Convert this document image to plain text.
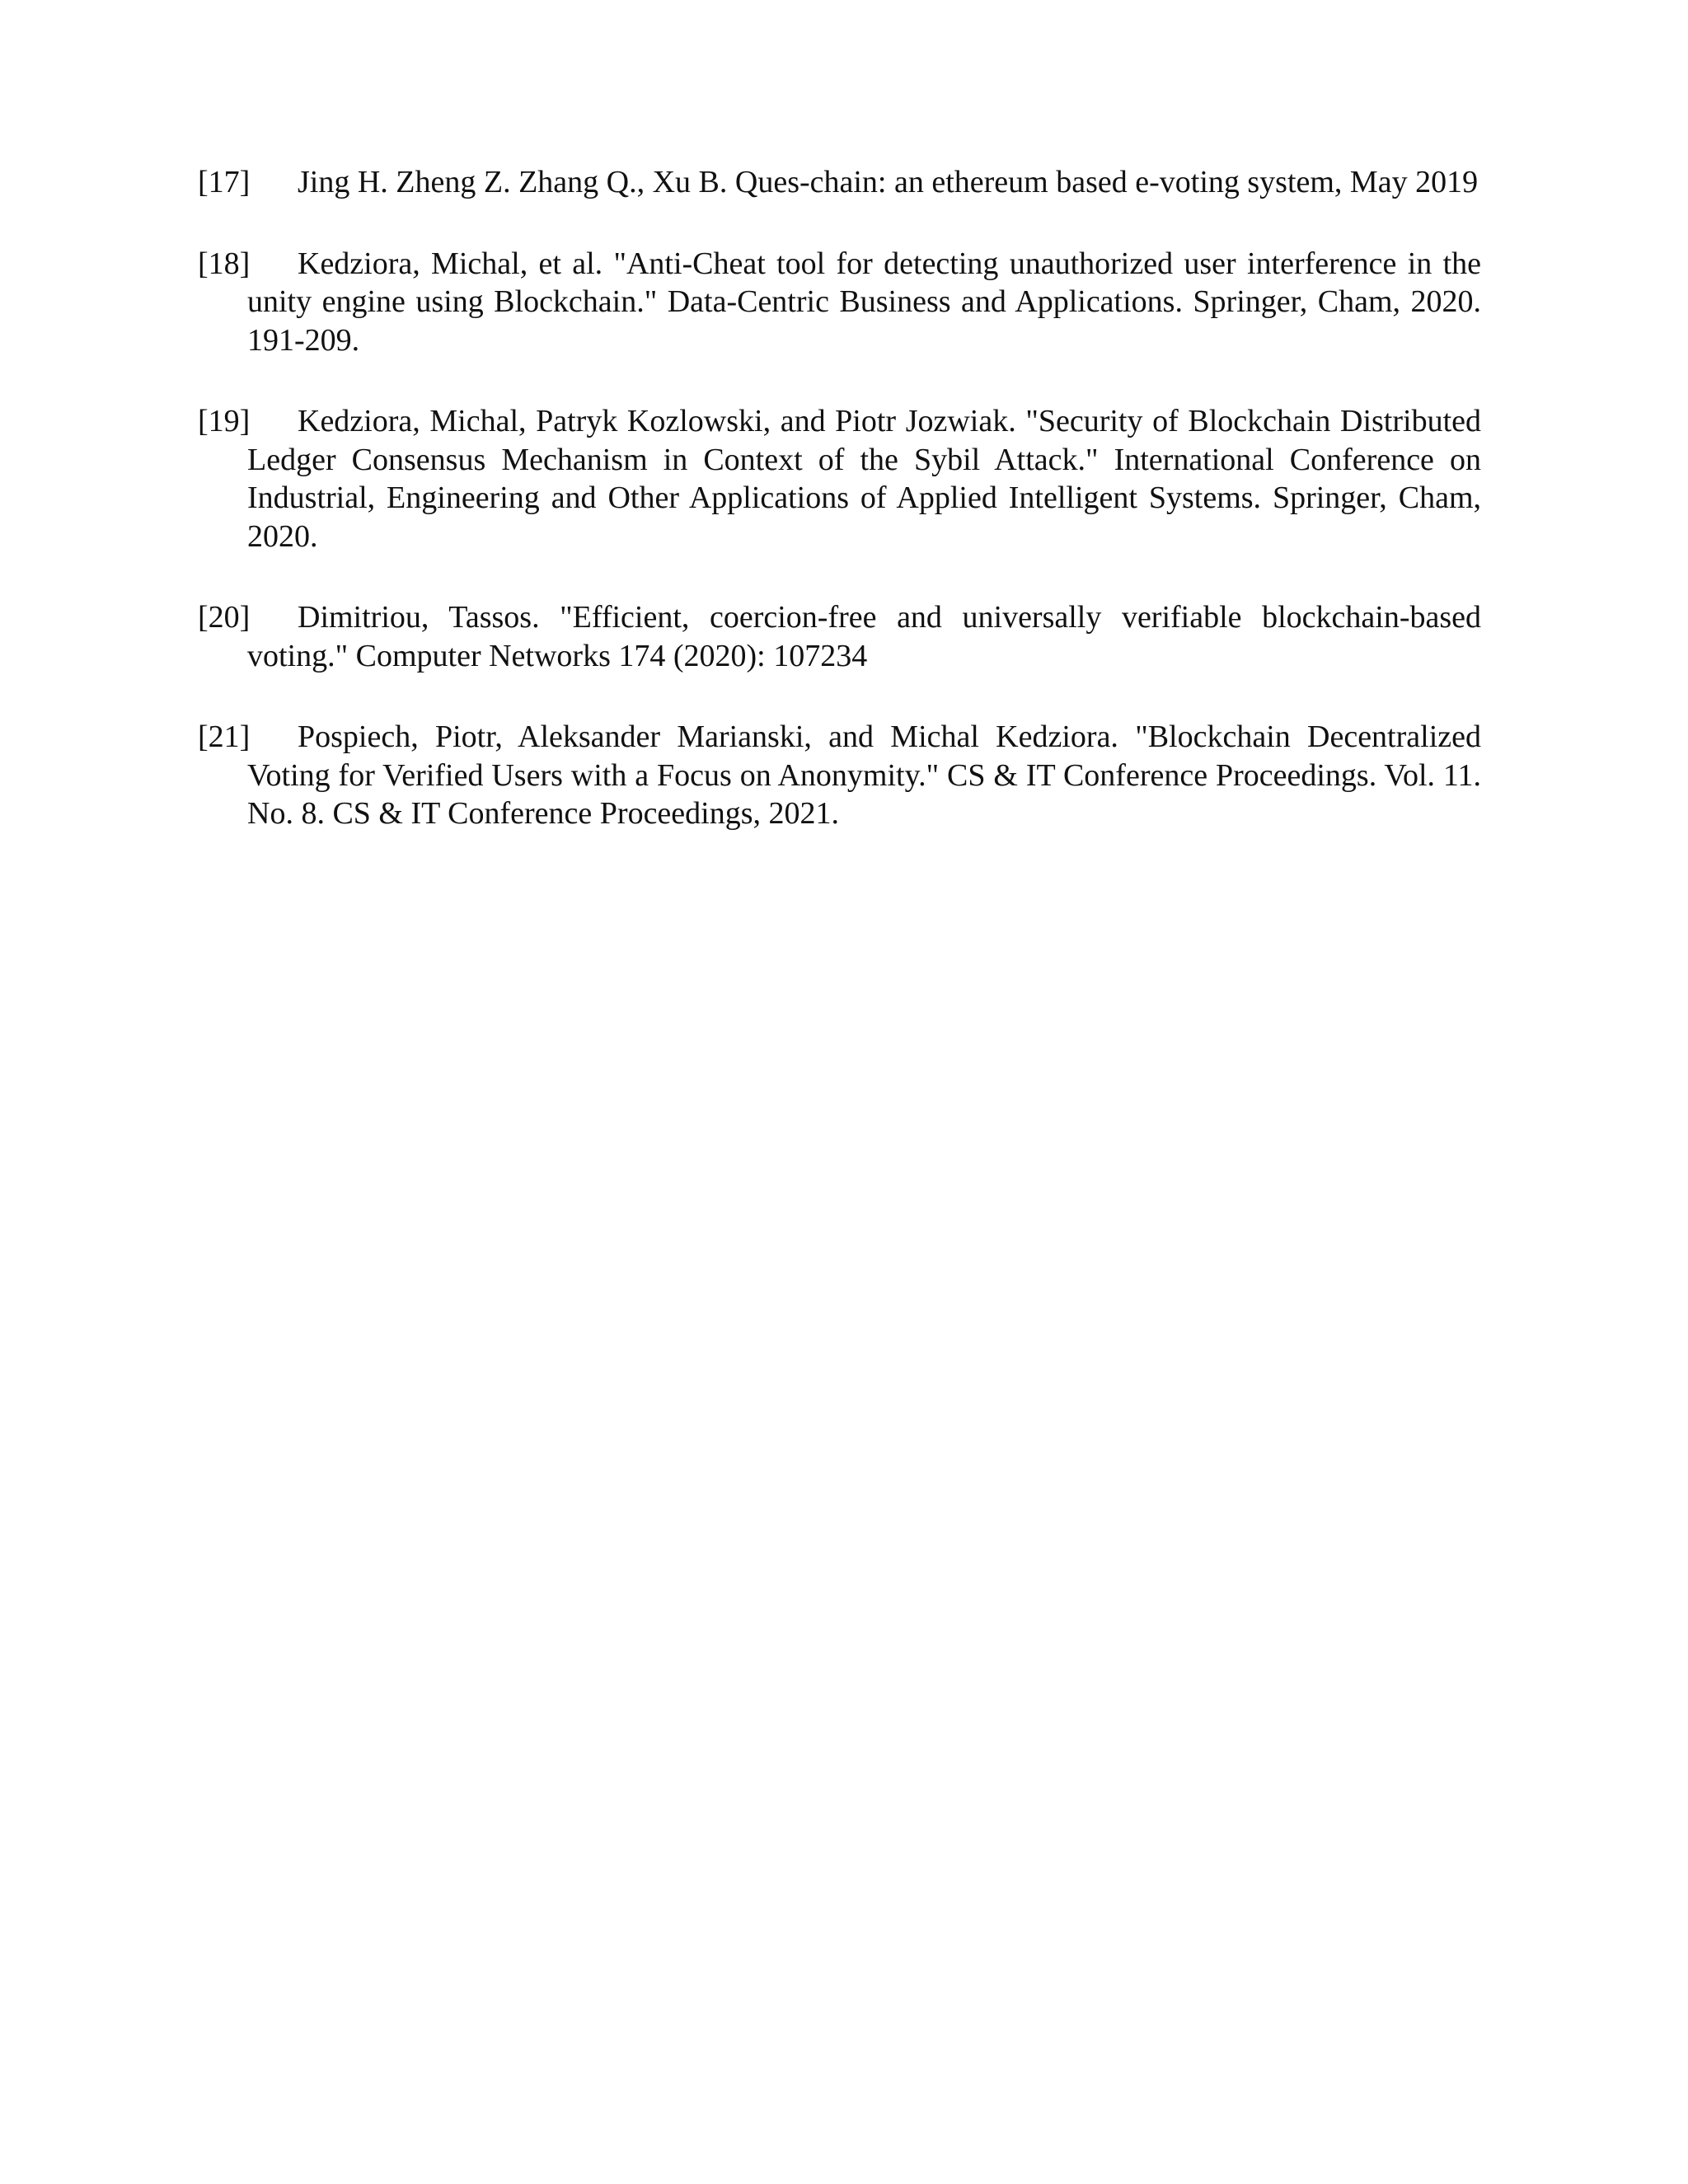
[17] Jing H. Zheng Z. Zhang Q., Xu B. Ques-chain: an ethereum based e-voting system, May 2019
[18] Kedziora, Michal, et al. "Anti-Cheat tool for detecting unauthorized user interference in the unity engine using Blockchain." Data-Centric Business and Applications. Springer, Cham, 2020. 191-209.
[19] Kedziora, Michal, Patryk Kozlowski, and Piotr Jozwiak. "Security of Blockchain Distributed Ledger Consensus Mechanism in Context of the Sybil Attack." International Conference on Industrial, Engineering and Other Applications of Applied Intelligent Systems. Springer, Cham, 2020.
[20] Dimitriou, Tassos. "Efficient, coercion-free and universally verifiable blockchain-based voting." Computer Networks 174 (2020): 107234
[21] Pospiech, Piotr, Aleksander Marianski, and Michal Kedziora. "Blockchain Decentralized Voting for Verified Users with a Focus on Anonymity." CS & IT Conference Proceedings. Vol. 11. No. 8. CS & IT Conference Proceedings, 2021.
